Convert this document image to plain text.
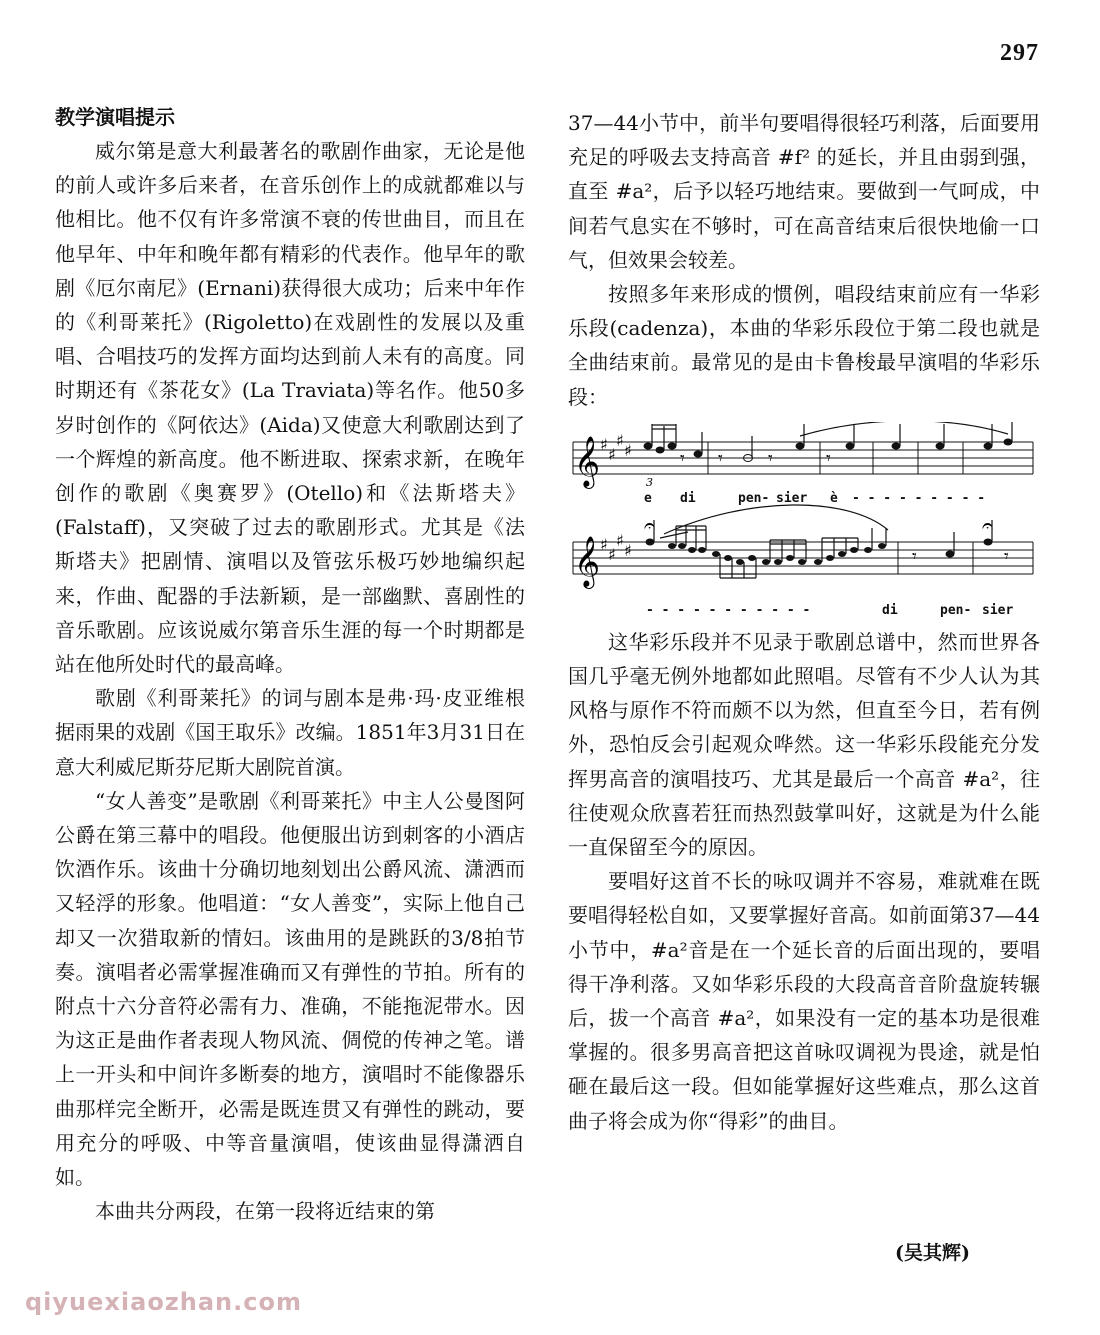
297

教学演唱提示

威尔第是意大利最著名的歌剧作曲家，无论是他的前人或许多后来者，在音乐创作上的成就都难以与他相比。他不仅有许多常演不衰的传世曲目，而且在他早年、中年和晚年都有精彩的代表作。他早年的歌剧《厄尔南尼》(Ernani)获得很大成功；后来中年作的《利哥莱托》(Rigoletto)在戏剧性的发展以及重唱、合唱技巧的发挥方面均达到前人未有的高度。同时期还有《茶花女》(La Traviata)等名作。他50多岁时创作的《阿依达》(Aida)又使意大利歌剧达到了一个辉煌的新高度。他不断进取、探索求新，在晚年创作的歌剧《奥赛罗》(Otello)和《法斯塔夫》(Falstaff)，又突破了过去的歌剧形式。尤其是《法斯塔夫》把剧情、演唱以及管弦乐极巧妙地编织起来，作曲、配器的手法新颖，是一部幽默、喜剧性的音乐歌剧。应该说威尔第音乐生涯的每一个时期都是站在他所处时代的最高峰。

歌剧《利哥莱托》的词与剧本是弗·玛·皮亚维根据雨果的戏剧《国王取乐》改编。1851年3月31日在意大利威尼斯芬尼斯大剧院首演。

“女人善变”是歌剧《利哥莱托》中主人公曼图阿公爵在第三幕中的唱段。他便服出访到刺客的小酒店饮酒作乐。该曲十分确切地刻划出公爵风流、潇洒而又轻浮的形象。他唱道：“女人善变”，实际上他自己却又一次猎取新的情妇。该曲用的是跳跃的3/8拍节奏。演唱者必需掌握准确而又有弹性的节拍。所有的附点十六分音符必需有力、准确，不能拖泥带水。因为这正是曲作者表现人物风流、倜傥的传神之笔。谱上一开头和中间许多断奏的地方，演唱时不能像器乐曲那样完全断开，必需是既连贯又有弹性的跳动，要用充分的呼吸、中等音量演唱，使该曲显得潇洒自如。

本曲共分两段，在第一段将近结束的第

37—44小节中，前半句要唱得很轻巧利落，后面要用充足的呼吸去支持高音 #f² 的延长，并且由弱到强，直至 #a²，后予以轻巧地结束。要做到一气呵成，中间若气息实在不够时，可在高音结束后很快地偷一口气，但效果会较差。

按照多年来形成的惯例，唱段结束前应有一华彩乐段(cadenza)，本曲的华彩乐段位于第二段也就是全曲结束前。最常见的是由卡鲁梭最早演唱的华彩乐段：

𝄞 ♯
♯
♯
♯
3
𝄾 𝄾	𝄾	𝄾
𝄞 ♯
♯
♯
♯
𝄐	𝄐
𝄾	𝄾
e di	pen- sier è - - - - - - - - -
- - - - - - - - - - -	di	pen- sier

这华彩乐段并不见录于歌剧总谱中，然而世界各国几乎毫无例外地都如此照唱。尽管有不少人认为其风格与原作不符而颇不以为然，但直至今日，若有例外，恐怕反会引起观众哗然。这一华彩乐段能充分发挥男高音的演唱技巧、尤其是最后一个高音 #a²，往往使观众欣喜若狂而热烈鼓掌叫好，这就是为什么能一直保留至今的原因。

要唱好这首不长的咏叹调并不容易，难就难在既要唱得轻松自如，又要掌握好音高。如前面第37—44小节中，#a²音是在一个延长音的后面出现的，要唱得干净利落。又如华彩乐段的大段高音音阶盘旋转辗后，拔一个高音 #a²，如果没有一定的基本功是很难掌握的。很多男高音把这首咏叹调视为畏途，就是怕砸在最后这一段。但如能掌握好这些难点，那么这首曲子将会成为你“得彩”的曲目。

(吴其辉)
qiyuexiaozhan.com
